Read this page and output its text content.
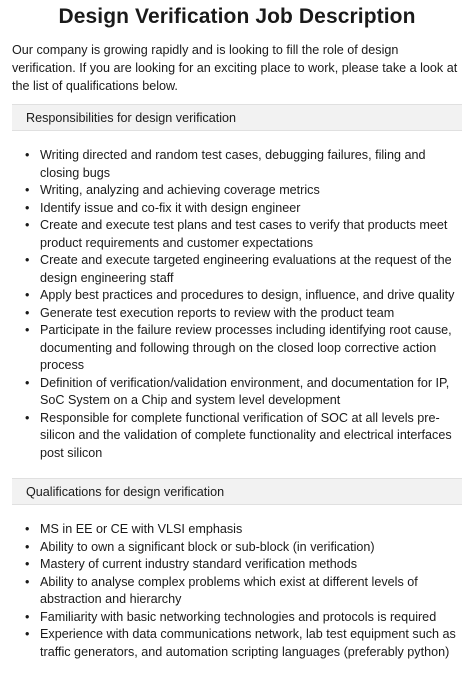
Design Verification Job Description

Our company is growing rapidly and is looking to fill the role of design verification. If you are looking for an exciting place to work, please take a look at the list of qualifications below.

Responsibilities for design verification
• Writing directed and random test cases, debugging failures, filing and closing bugs
• Writing, analyzing and achieving coverage metrics
• Identify issue and co-fix it with design engineer
• Create and execute test plans and test cases to verify that products meet product requirements and customer expectations
• Create and execute targeted engineering evaluations at the request of the design engineering staff
• Apply best practices and procedures to design, influence, and drive quality
• Generate test execution reports to review with the product team
• Participate in the failure review processes including identifying root cause, documenting and following through on the closed loop corrective action process
• Definition of verification/validation environment, and documentation for IP, SoC System on a Chip and system level development
• Responsible for complete functional verification of SOC at all levels pre-silicon and the validation of complete functionality and electrical interfaces post silicon
Qualifications for design verification
• MS in EE or CE with VLSI emphasis
• Ability to own a significant block or sub-block (in verification)
• Mastery of current industry standard verification methods
• Ability to analyse complex problems which exist at different levels of abstraction and hierarchy
• Familiarity with basic networking technologies and protocols is required
• Experience with data communications network, lab test equipment such as traffic generators, and automation scripting languages (preferably python)
